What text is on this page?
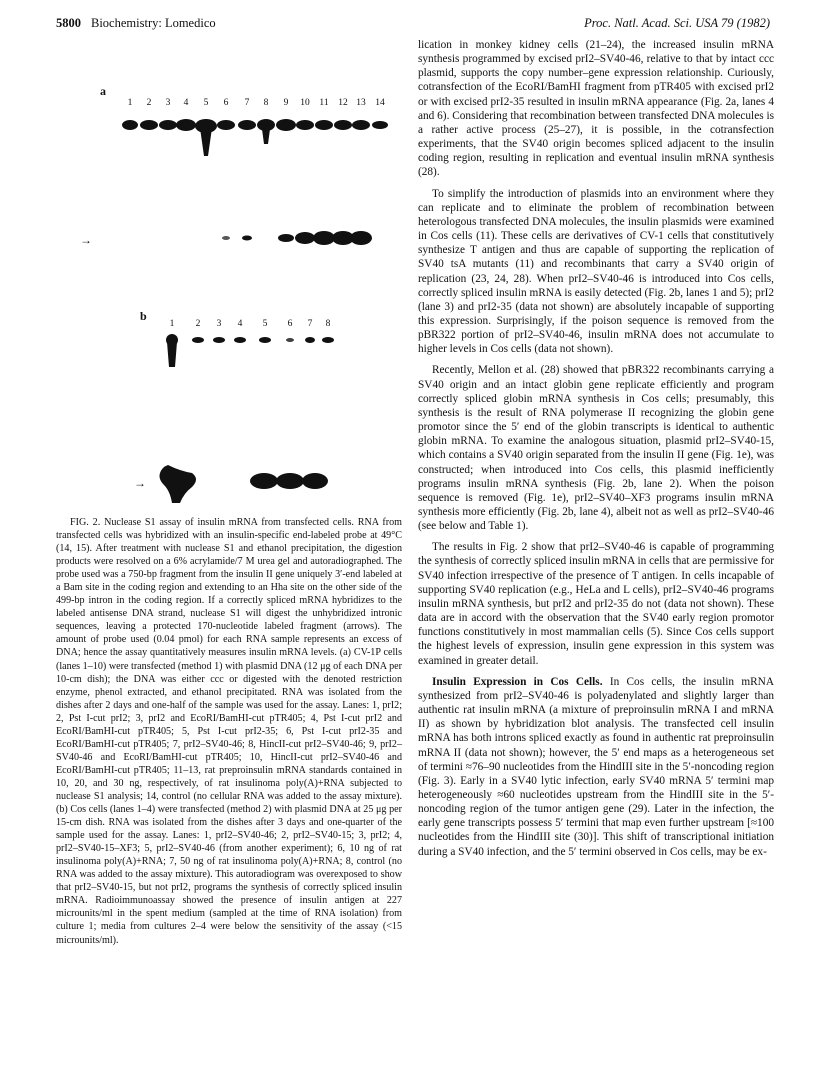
5800 Biochemistry: Lomedico	Proc. Natl. Acad. Sci. USA 79 (1982)
a
1	2	3	4	5	6	7	8	9	10	11	12 13	14
→
b
1	2	3	4	5	6	7	8
→

FIG. 2. Nuclease S1 assay of insulin mRNA from transfected cells. RNA from transfected cells was hybridized with an insulin-specific end-labeled probe at 49°C (14, 15). After treatment with nuclease S1 and ethanol precipitation, the digestion products were resolved on a 6% acrylamide/7 M urea gel and autoradiographed. The probe used was a 750-bp fragment from the insulin II gene uniquely 3′-end labeled at a Bam site in the coding region and extending to an Hha site on the other side of the 499-bp intron in the coding region. If a correctly spliced mRNA hybridizes to the labeled antisense DNA strand, nuclease S1 will digest the unhybridized intronic sequences, leaving a protected 170-nucleotide labeled fragment (arrows). The amount of probe used (0.04 pmol) for each RNA sample represents an excess of DNA; hence the assay quantitatively measures insulin mRNA levels. (a) CV-1P cells (lanes 1–10) were transfected (method 1) with plasmid DNA (12 μg of each DNA per 10-cm dish); the DNA was either ccc or digested with the denoted restriction enzyme, phenol extracted, and ethanol precipitated. RNA was isolated from the dishes after 2 days and one-half of the sample was used for the assay. Lanes: 1, prI2; 2, Pst I-cut prI2; 3, prI2 and EcoRI/BamHI-cut pTR405; 4, Pst I-cut prI2 and EcoRI/BamHI-cut pTR405; 5, Pst I-cut prI2-35; 6, Pst I-cut prI2-35 and EcoRI/BamHI-cut pTR405; 7, prI2–SV40-46; 8, HincII-cut prI2–SV40-46; 9, prI2–SV40-46 and EcoRI/BamHI-cut pTR405; 10, HincII-cut prI2–SV40-46 and EcoRI/BamHI-cut pTR405; 11–13, rat preproinsulin mRNA standards contained in 10, 20, and 30 ng, respectively, of rat insulinoma poly(A)+RNA subjected to nuclease S1 analysis; 14, control (no cellular RNA was added to the assay mixture). (b) Cos cells (lanes 1–4) were transfected (method 2) with plasmid DNA at 25 μg per 15-cm dish. RNA was isolated from the dishes after 3 days and one-quarter of the sample used for the assay. Lanes: 1, prI2–SV40-46; 2, prI2–SV40-15; 3, prI2; 4, prI2–SV40-15–XF3; 5, prI2–SV40-46 (from another experiment); 6, 10 ng of rat insulinoma poly(A)+RNA; 7, 50 ng of rat insulinoma poly(A)+RNA; 8, control (no RNA was added to the assay mixture). This autoradiogram was overexposed to show that prI2–SV40-15, but not prI2, programs the synthesis of correctly spliced insulin mRNA. Radioimmunoassay showed the presence of insulin antigen at 227 microunits/ml in the spent medium (sampled at the time of RNA isolation) from culture 1; media from cultures 2–4 were below the sensitivity of the assay (<15 microunits/ml).

lication in monkey kidney cells (21–24), the increased insulin mRNA synthesis programmed by excised prI2–SV40-46, relative to that by intact ccc plasmid, supports the copy number–gene expression relationship. Curiously, cotransfection of the EcoRI/BamHI fragment from pTR405 with excised prI2 or with excised prI2-35 resulted in insulin mRNA appearance (Fig. 2a, lanes 4 and 6). Considering that recombination between transfected DNA molecules is a rather active process (25–27), it is possible, in the cotransfection experiments, that the SV40 origin becomes spliced adjacent to the insulin coding region, resulting in replication and eventual insulin mRNA synthesis (28).

To simplify the introduction of plasmids into an environment where they can replicate and to eliminate the problem of recombination between heterologous transfected DNA molecules, the insulin plasmids were examined in Cos cells (11). These cells are derivatives of CV-1 cells that constitutively synthesize T antigen and thus are capable of supporting the replication of SV40 tsA mutants (11) and recombinants that carry a SV40 origin of replication (23, 24, 28). When prI2–SV40-46 is introduced into Cos cells, correctly spliced insulin mRNA is easily detected (Fig. 2b, lanes 1 and 5); prI2 (lane 3) and prI2-35 (data not shown) are absolutely incapable of supporting this expression. Surprisingly, if the poison sequence is removed from the pBR322 portion of prI2–SV40-46, insulin mRNA does not accumulate to higher levels in Cos cells (data not shown).

Recently, Mellon et al. (28) showed that pBR322 recombinants carrying a SV40 origin and an intact globin gene replicate efficiently and program correctly spliced globin mRNA synthesis in Cos cells; presumably, this synthesis is the result of RNA polymerase II recognizing the globin gene promotor since the 5′ end of the globin transcripts is identical to authentic globin mRNA. To examine the analogous situation, plasmid prI2–SV40-15, which contains a SV40 origin separated from the insulin II gene (Fig. 1e), was constructed; when introduced into Cos cells, this plasmid inefficiently programs insulin mRNA synthesis (Fig. 2b, lane 2). When the poison sequence is removed (Fig. 1e), prI2–SV40–XF3 programs insulin mRNA synthesis more efficiently (Fig. 2b, lane 4), albeit not as well as prI2–SV40-46 (see below and Table 1).

The results in Fig. 2 show that prI2–SV40-46 is capable of programming the synthesis of correctly spliced insulin mRNA in cells that are permissive for SV40 infection irrespective of the presence of T antigen. In cells incapable of supporting SV40 replication (e.g., HeLa and L cells), prI2–SV40-46 programs insulin mRNA synthesis, but prI2 and prI2-35 do not (data not shown). These data are in accord with the observation that the SV40 early region promotor functions constitutively in most mammalian cells (5). Since Cos cells support the highest levels of expression, insulin gene expression in this system was examined in greater detail.

Insulin Expression in Cos Cells. In Cos cells, the insulin mRNA synthesized from prI2–SV40-46 is polyadenylated and slightly larger than authentic rat insulin mRNA (a mixture of preproinsulin mRNA I and mRNA II) as shown by hybridization blot analysis. The transfected cell insulin mRNA has both introns spliced exactly as found in authentic rat preproinsulin mRNA II (data not shown); however, the 5′ end maps as a heterogeneous set of termini ≈76–90 nucleotides from the HindIII site in the 5′-noncoding region (Fig. 3). Early in a SV40 lytic infection, early SV40 mRNA 5′ termini map heterogeneously ≈60 nucleotides upstream from the HindIII site in the 5′-noncoding region of the tumor antigen gene (29). Later in the infection, the early gene transcripts possess 5′ termini that map even further upstream [≈100 nucleotides from the HindIII site (30)]. This shift of transcriptional initiation during a SV40 infection, and the 5′ termini observed in Cos cells, may be ex-
